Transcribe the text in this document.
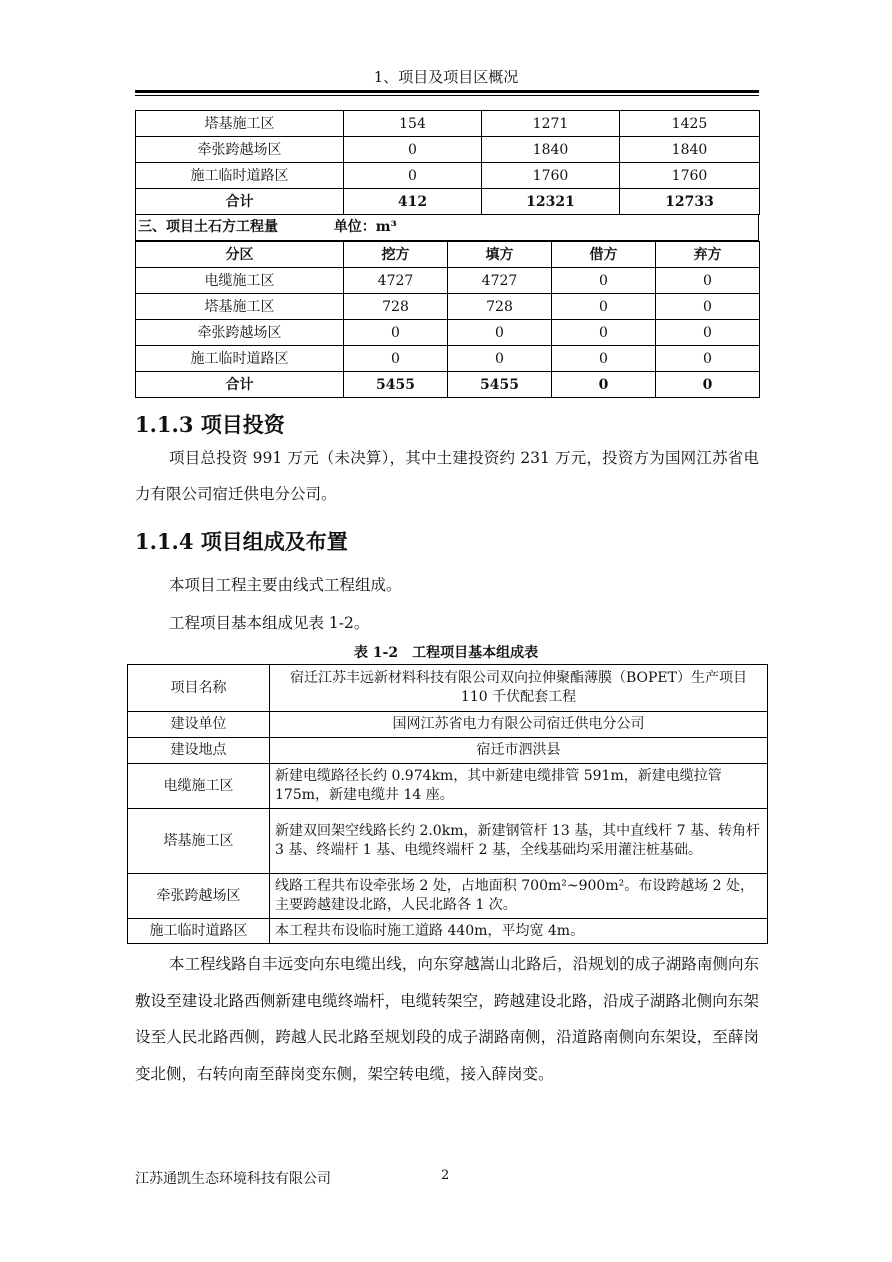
1、项目及项目区概况
塔基施工区	154	1271	1425
牵张跨越场区	0	1840	1840
施工临时道路区	0	1760	1760
合计	412	12321	12733
三、项目土石方工程量	单位：m³
分区	挖方	填方	借方	弃方
电缆施工区	4727	4727	0	0
塔基施工区	728	728	0	0
牵张跨越场区	0	0	0	0
施工临时道路区	0	0	0	0
合计	5455	5455	0	0
1.1.3 项目投资

项目总投资 991 万元（未决算），其中土建投资约 231 万元，投资方为国网江苏省电力有限公司宿迁供电分公司。

1.1.4 项目组成及布置

本项目工程主要由线式工程组成。

工程项目基本组成见表 1-2。

表 1-2　工程项目基本组成表
项目名称	宿迁江苏丰远新材料科技有限公司双向拉伸聚酯薄膜（BOPET）生产项目 110 千伏配套工程
建设单位	国网江苏省电力有限公司宿迁供电分公司
建设地点	宿迁市泗洪县
电缆施工区	新建电缆路径长约 0.974km，其中新建电缆排管 591m，新建电缆拉管 175m，新建电缆井 14 座。
塔基施工区	新建双回架空线路长约 2.0km，新建钢管杆 13 基，其中直线杆 7 基、转角杆 3 基、终端杆 1 基、电缆终端杆 2 基，全线基础均采用灌注桩基础。
牵张跨越场区	线路工程共布设牵张场 2 处，占地面积 700m²~900m²。布设跨越场 2 处，主要跨越建设北路，人民北路各 1 次。
施工临时道路区	本工程共布设临时施工道路 440m，平均宽 4m。

本工程线路自丰远变向东电缆出线，向东穿越嵩山北路后，沿规划的成子湖路南侧向东敷设至建设北路西侧新建电缆终端杆，电缆转架空，跨越建设北路，沿成子湖路北侧向东架设至人民北路西侧，跨越人民北路至规划段的成子湖路南侧，沿道路南侧向东架设，至薛岗变北侧，右转向南至薛岗变东侧，架空转电缆，接入薛岗变。

江苏通凯生态环境科技有限公司	2
